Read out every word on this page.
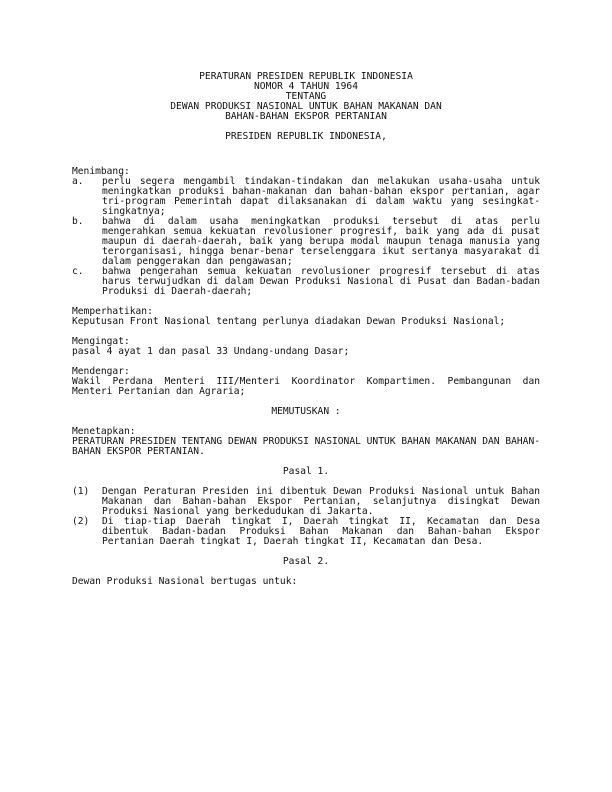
PERATURAN PRESIDEN REPUBLIK INDONESIA
NOMOR 4 TAHUN 1964
TENTANG
DEWAN PRODUKSI NASIONAL UNTUK BAHAN MAKANAN DAN
BAHAN-BAHAN EKSPOR PERTANIAN
PRESIDEN REPUBLIK INDONESIA,
Menimbang:
a.	perlu segera mengambil tindakan-tindakan dan melakukan usaha-usaha untuk meningkatkan produksi bahan-makanan dan bahan-bahan ekspor pertanian, agar tri-program Pemerintah dapat dilaksanakan di dalam waktu yang sesingkat-singkatnya;
b.	bahwa di dalam usaha meningkatkan produksi tersebut di atas perlu mengerahkan semua kekuatan revolusioner progresif, baik yang ada di pusat maupun di daerah-daerah, baik yang berupa modal maupun tenaga manusia yang terorganisasi, hingga benar-benar terselenggara ikut sertanya masyarakat di dalam penggerakan dan pengawasan;
c.	bahwa pengerahan semua kekuatan revolusioner progresif tersebut di atas harus terwujudkan di dalam Dewan Produksi Nasional di Pusat dan Badan-badan Produksi di Daerah-daerah;
Memperhatikan:
Keputusan Front Nasional tentang perlunya diadakan Dewan Produksi Nasional;
Mengingat:
pasal 4 ayat 1 dan pasal 33 Undang-undang Dasar;
Mendengar:
Wakil Perdana Menteri III/Menteri Koordinator Kompartimen. Pembangunan dan Menteri Pertanian dan Agraria;
MEMUTUSKAN :
Menetapkan:
PERATURAN PRESIDEN TENTANG DEWAN PRODUKSI NASIONAL UNTUK BAHAN MAKANAN DAN BAHAN-BAHAN EKSPOR PERTANIAN.
Pasal 1.
(1)	Dengan Peraturan Presiden ini dibentuk Dewan Produksi Nasional untuk Bahan Makanan dan Bahan-bahan Ekspor Pertanian, selanjutnya disingkat Dewan Produksi Nasional yang berkedudukan di Jakarta.
(2)	Di tiap-tiap Daerah tingkat I, Daerah tingkat II, Kecamatan dan Desa dibentuk Badan-badan Produksi Bahan Makanan dan Bahan-bahan Ekspor Pertanian Daerah tingkat I, Daerah tingkat II, Kecamatan dan Desa.
Pasal 2.
Dewan Produksi Nasional bertugas untuk:
